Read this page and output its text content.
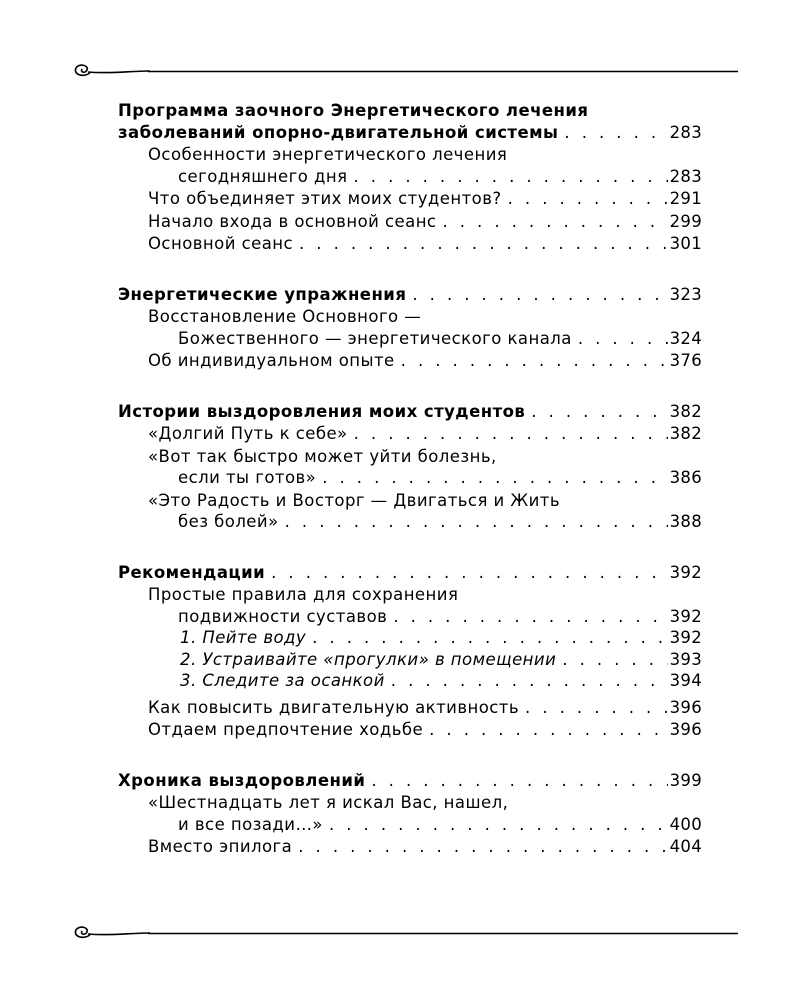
Программа заочного Энергетического лечения
заболеваний опорно-двигательной системы . . .	283
Особенности энергетического лечения
сегодняшнего дня . . .	283
Что объединяет этих моих студентов? . . .	291
Начало входа в основной сеанс . . .	299
Основной сеанс . . .	301
Энергетические упражнения . . .	323
Восстановление Основного —
Божественного — энергетического канала . . .	324
Об индивидуальном опыте . . .	376
Истории выздоровления моих студентов . . .	382
«Долгий Путь к себе» . . .	382
«Вот так быстро может уйти болезнь,
если ты готов» . . .	386
«Это Радость и Восторг — Двигаться и Жить
без болей» . . .	388
Рекомендации . . .	392
Простые правила для сохранения
подвижности суставов . . .	392
1. Пейте воду . . .	392
2. Устраивайте «прогулки» в помещении . . .	393
3. Следите за осанкой . . .	394
Как повысить двигательную активность . . .	396
Отдаем предпочтение ходьбе . . .	396
Хроника выздоровлений . . .	399
«Шестнадцать лет я искал Вас, нашел,
и все позади…» . . .	400
Вместо эпилога . . .	404
